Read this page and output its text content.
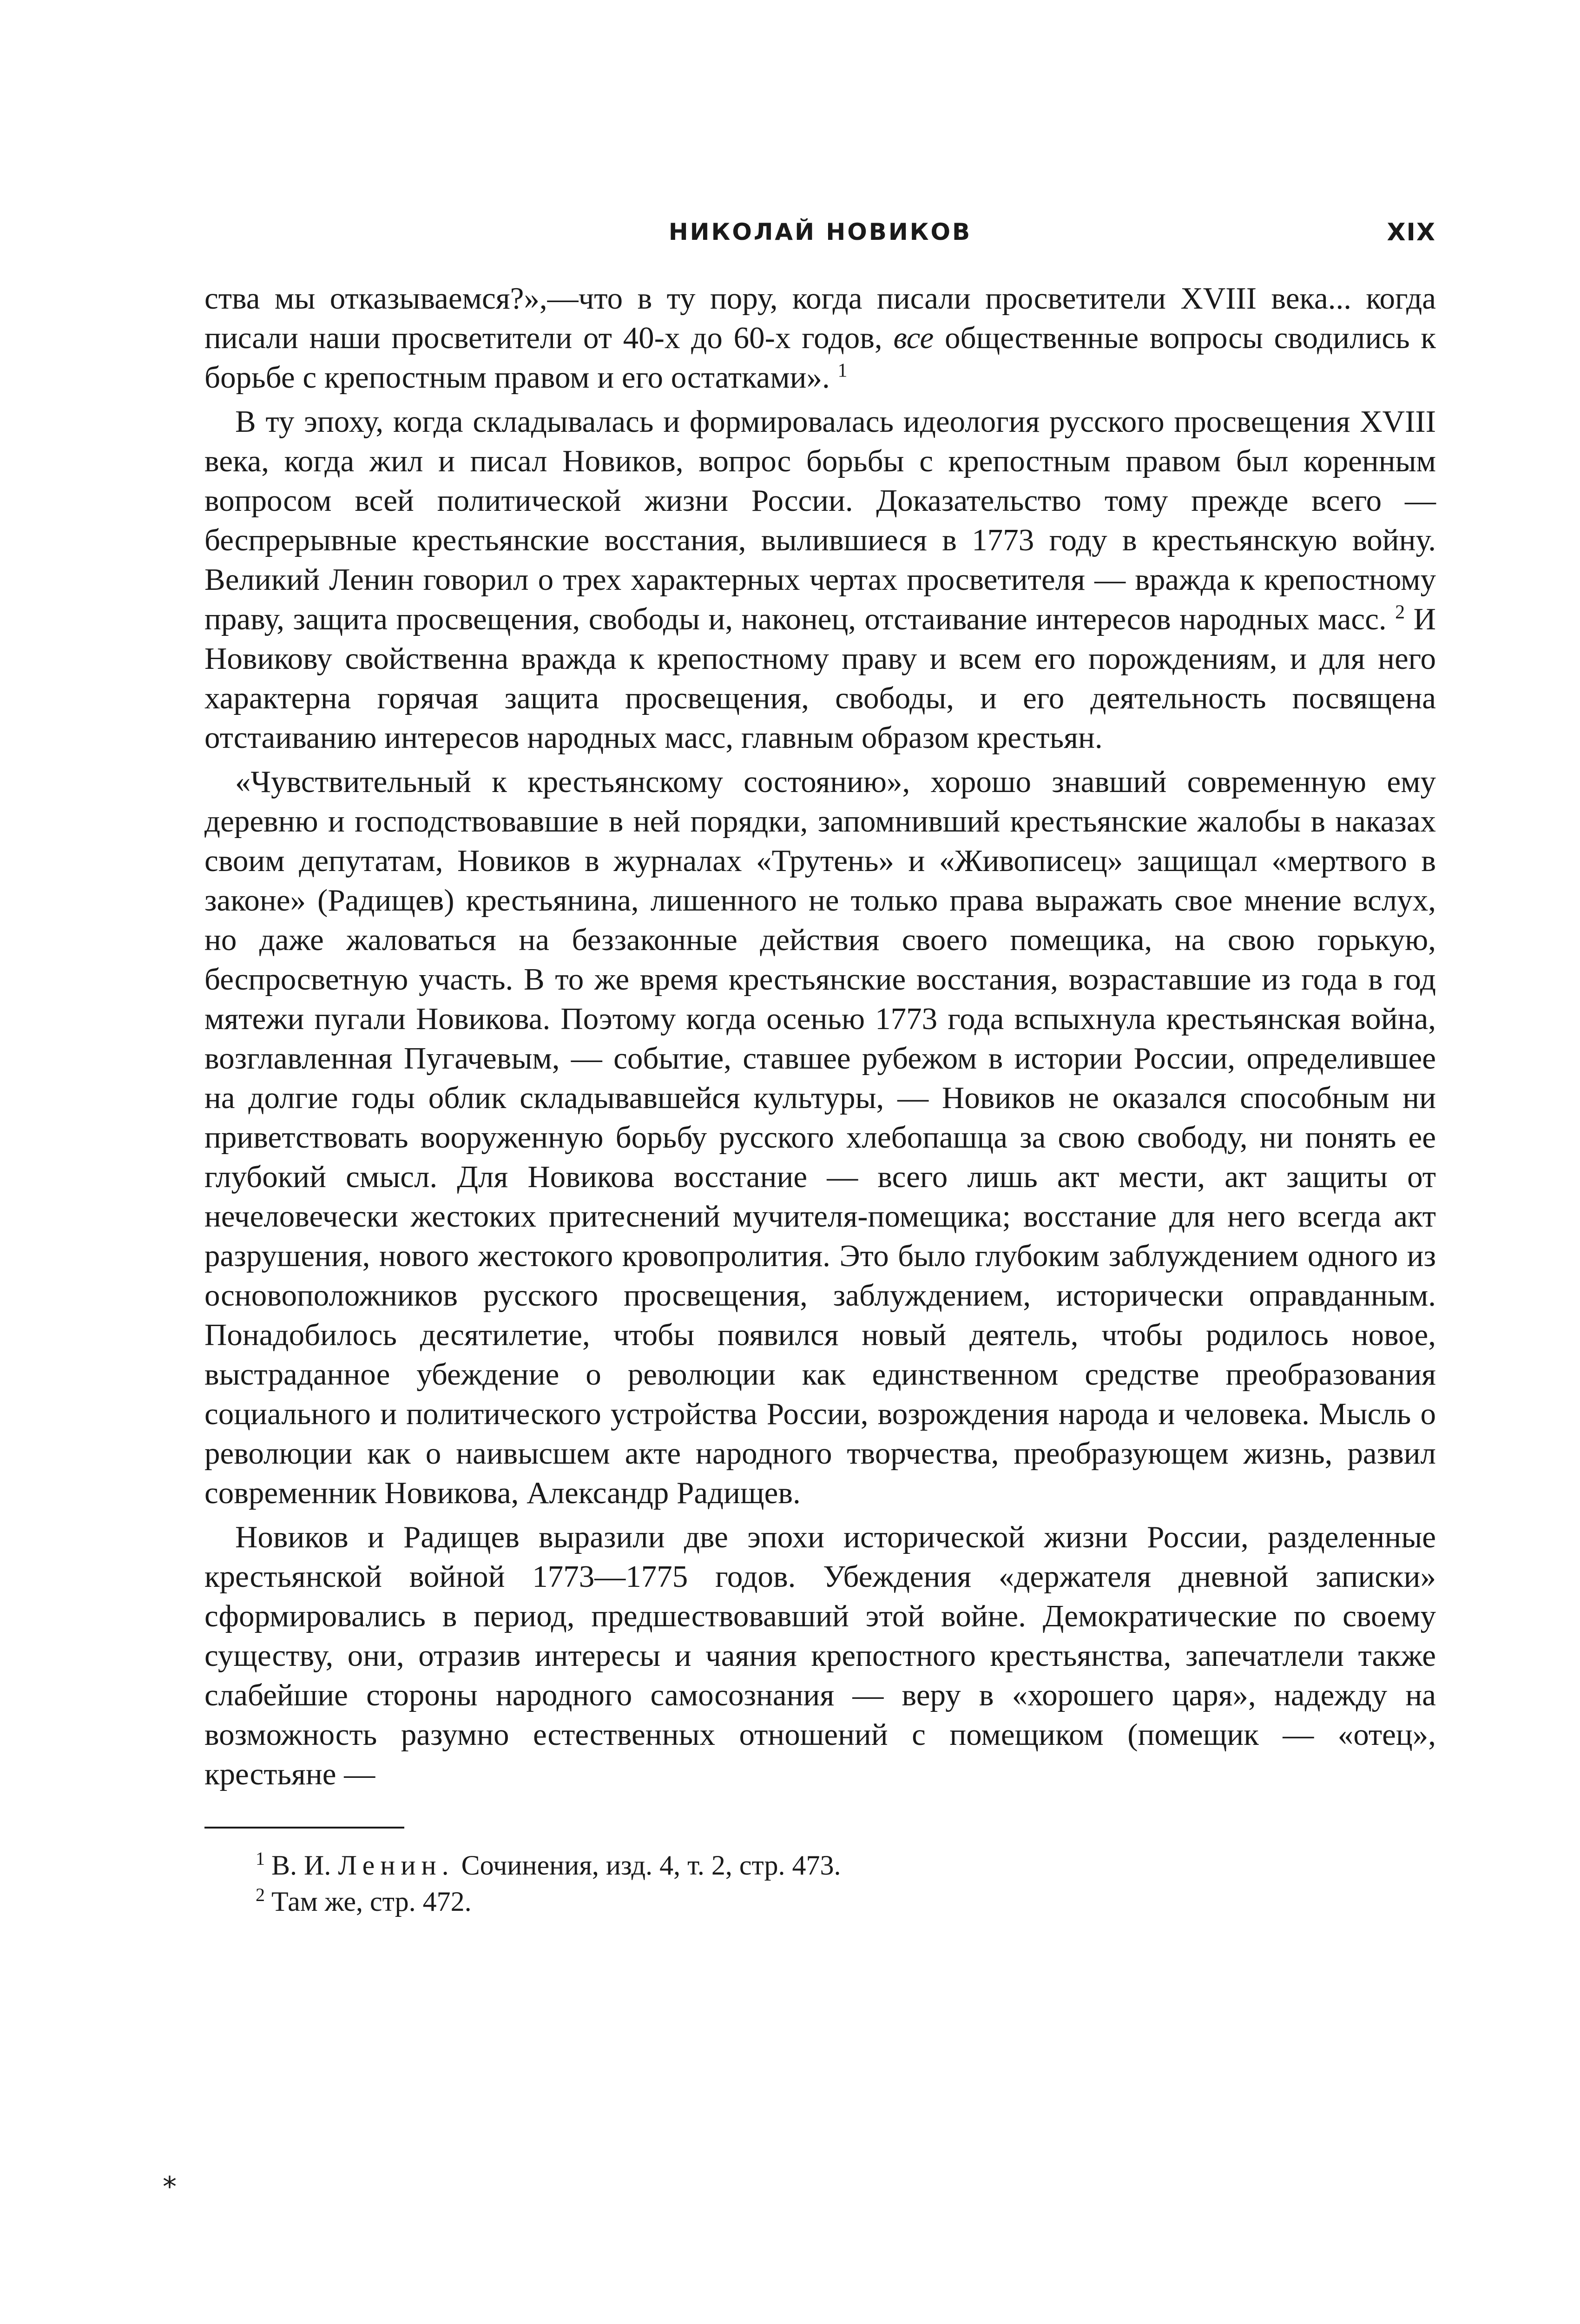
НИКОЛАЙ НОВИКОВ	XIX

ства мы отказываемся?»,—что в ту пору, когда писали просветители XVIII века... когда писали наши просветители от 40-х до 60-х годов, все общественные вопросы сводились к борьбе с крепостным правом и его остатками». $^1$

В ту эпоху, когда складывалась и формировалась идеология русского просвещения XVIII века, когда жил и писал Новиков, вопрос борьбы с крепостным правом был коренным вопросом всей политической жизни России. Доказательство тому прежде всего — беспрерывные крестьянские восстания, вылившиеся в 1773 году в крестьянскую войну. Великий Ленин говорил о трех характерных чертах просветителя — вражда к крепостному праву, защита просвещения, свободы и, наконец, отстаивание интересов народных масс. $^2$ И Новикову свойственна вражда к крепостному праву и всем его порождениям, и для него характерна горячая защита просвещения, свободы, и его деятельность посвящена отстаиванию интересов народных масс, главным образом крестьян.

«Чувствительный к крестьянскому состоянию», хорошо знавший современную ему деревню и господствовавшие в ней порядки, запомнивший крестьянские жалобы в наказах своим депутатам, Новиков в журналах «Трутень» и «Живописец» защищал «мертвого в законе» (Радищев) крестьянина, лишенного не только права выражать свое мнение вслух, но даже жаловаться на беззаконные действия своего помещика, на свою горькую, беспросветную участь. В то же время крестьянские восстания, возраставшие из года в год мятежи пугали Новикова. Поэтому когда осенью 1773 года вспыхнула крестьянская война, возглавленная Пугачевым, — событие, ставшее рубежом в истории России, определившее на долгие годы облик складывавшейся культуры, — Новиков не оказался способным ни приветствовать вооруженную борьбу русского хлебопашца за свою свободу, ни понять ее глубокий смысл. Для Новикова восстание — всего лишь акт мести, акт защиты от нечеловечески жестоких притеснений мучителя-помещика; восстание для него всегда акт разрушения, нового жестокого кровопролития. Это было глубоким заблуждением одного из основоположников русского просвещения, заблуждением, исторически оправданным. Понадобилось десятилетие, чтобы появился новый деятель, чтобы родилось новое, выстраданное убеждение о революции как единственном средстве преобразования социального и политического устройства России, возрождения народа и человека. Мысль о революции как о наивысшем акте народного творчества, преобразующем жизнь, развил современник Новикова, Александр Радищев.

Новиков и Радищев выразили две эпохи исторической жизни России, разделенные крестьянской войной 1773—1775 годов. Убеждения «держателя дневной записки» сформировались в период, предшествовавший этой войне. Демократические по своему существу, они, отразив интересы и чаяния крепостного крестьянства, запечатлели также слабейшие стороны народного самосознания — веру в «хорошего царя», надежду на возможность разумно естественных отношений с помещиком (помещик — «отец», крестьяне —

$^1$ В. И. Ленин. Сочинения, изд. 4, т. 2, стр. 473.

$^2$ Там же, стр. 472.

*
